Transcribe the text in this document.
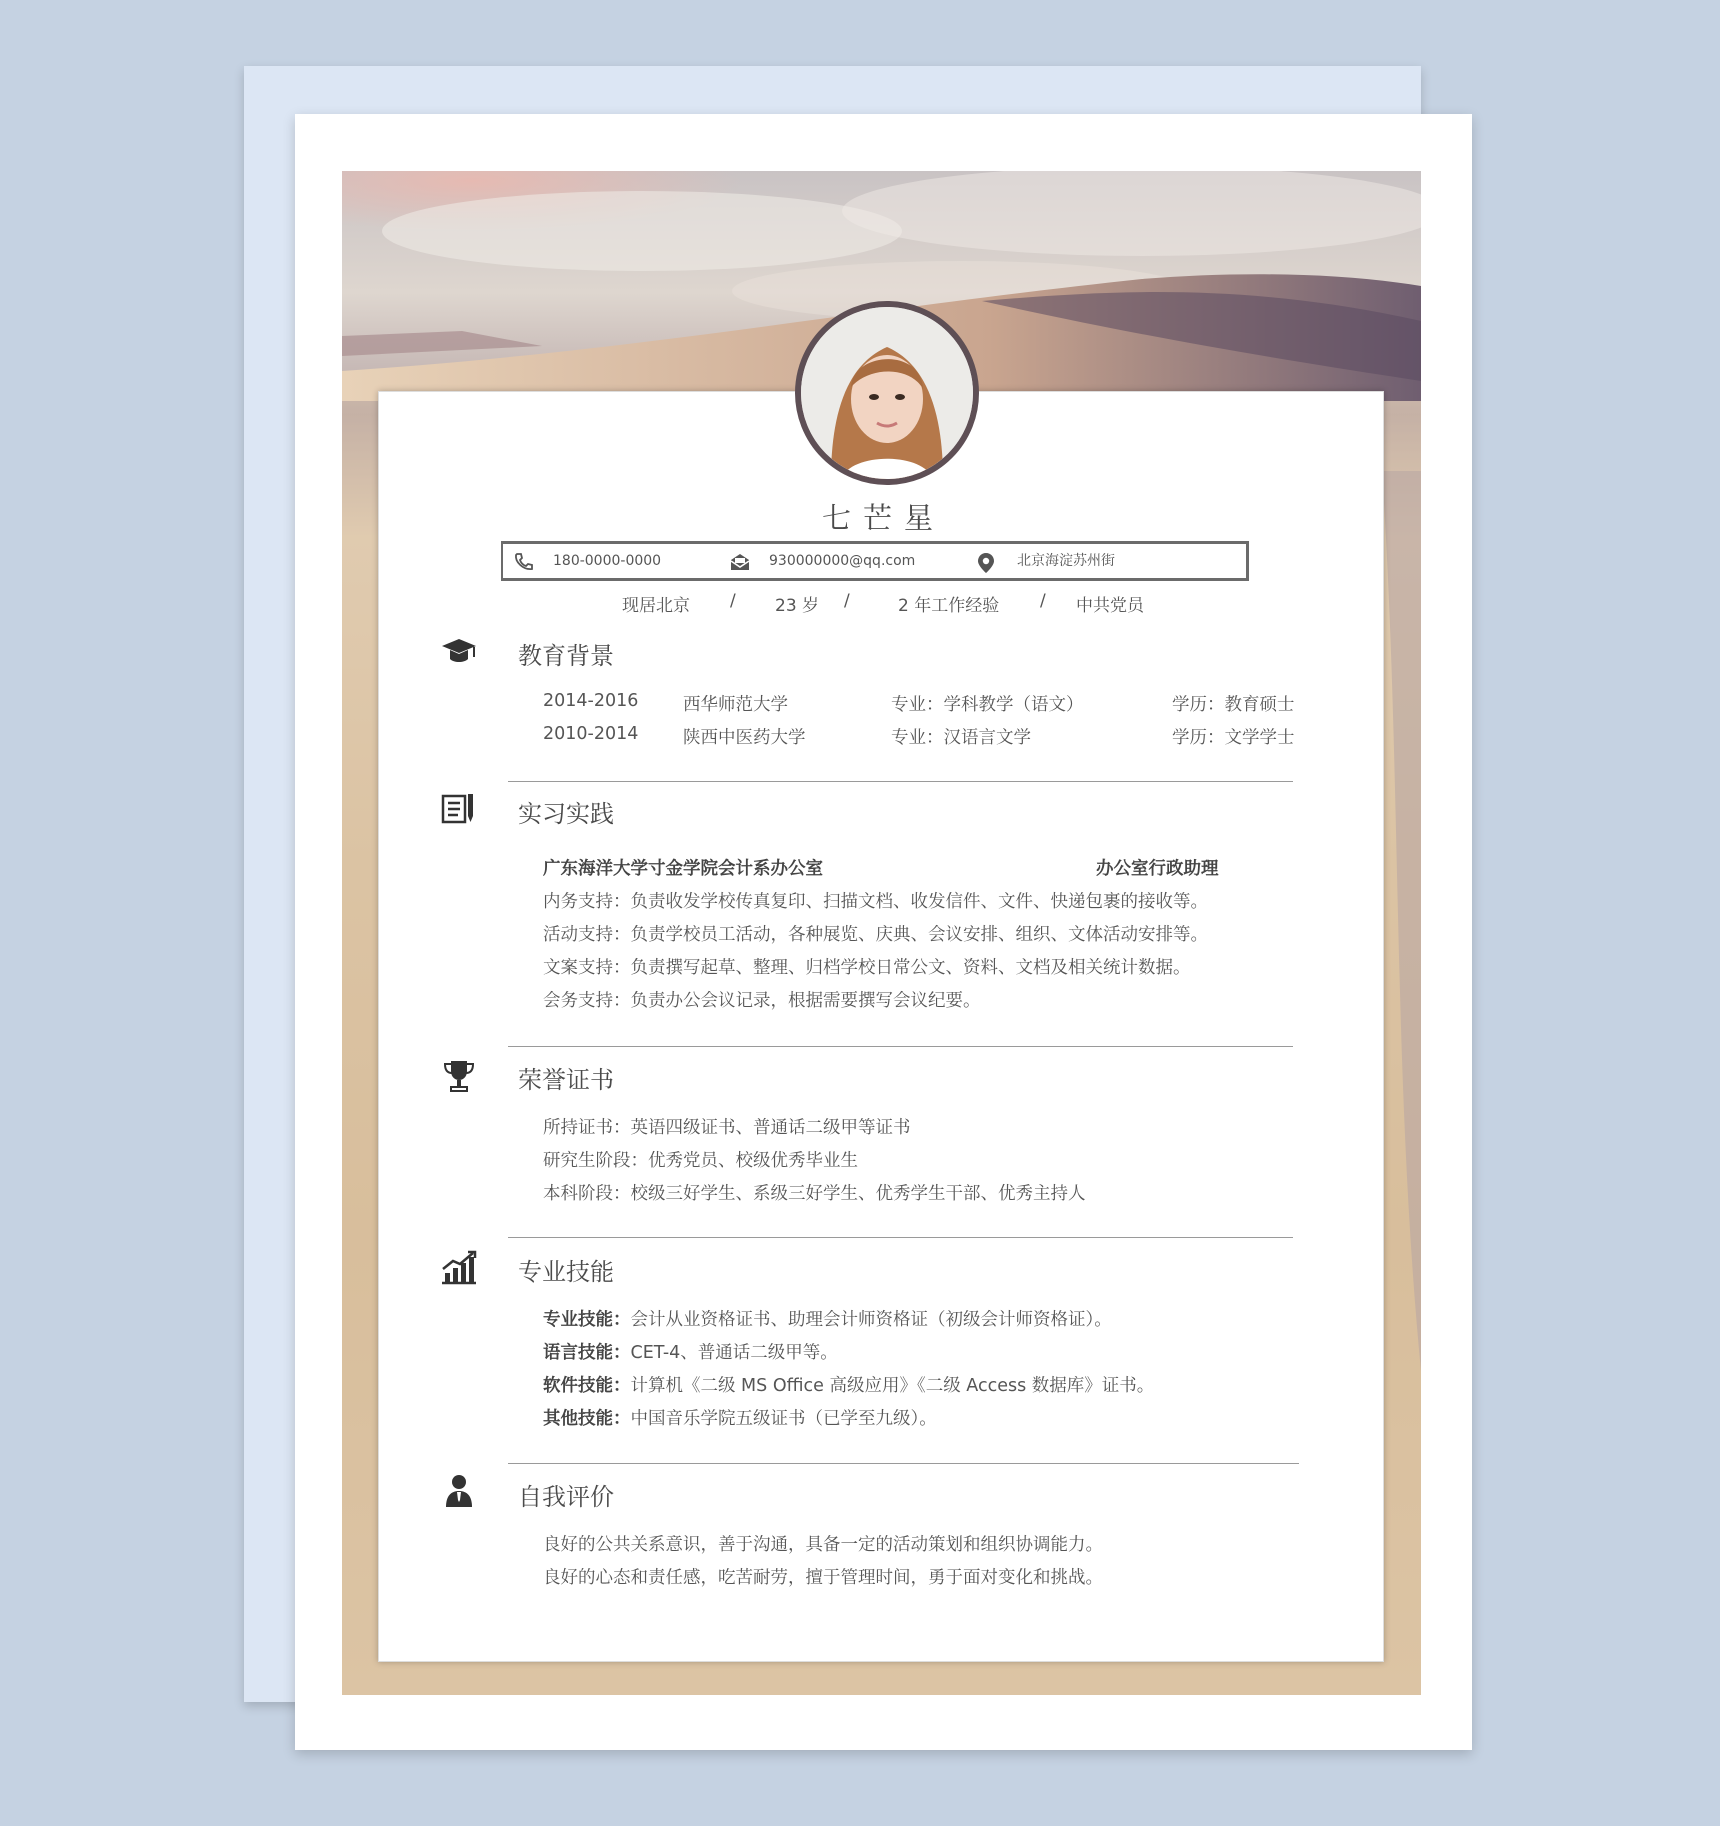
七芒星
180-0000-0000	930000000@qq.com	北京海淀苏州街
现居北京 / 23 岁 /	2 年工作经验 / 中共党员
教育背景
2014-2016	西华师范大学	专业：学科教学（语文）	学历：教育硕士
2010-2014	陕西中医药大学	专业：汉语言文学	学历：文学学士
实习实践
广东海洋大学寸金学院会计系办公室	办公室行政助理
内务支持：负责收发学校传真复印、扫描文档、收发信件、文件、快递包裹的接收等。
活动支持：负责学校员工活动，各种展览、庆典、会议安排、组织、文体活动安排等。
文案支持：负责撰写起草、整理、归档学校日常公文、资料、文档及相关统计数据。
会务支持：负责办公会议记录，根据需要撰写会议纪要。
荣誉证书
所持证书：英语四级证书、普通话二级甲等证书
研究生阶段：优秀党员、校级优秀毕业生
本科阶段：校级三好学生、系级三好学生、优秀学生干部、优秀主持人
专业技能
专业技能：会计从业资格证书、助理会计师资格证（初级会计师资格证）。
语言技能：CET-4、普通话二级甲等。
软件技能：计算机《二级 MS Office 高级应用》《二级 Access 数据库》证书。
其他技能：中国音乐学院五级证书（已学至九级）。
自我评价
良好的公共关系意识，善于沟通，具备一定的活动策划和组织协调能力。
良好的心态和责任感，吃苦耐劳，擅于管理时间，勇于面对变化和挑战。
